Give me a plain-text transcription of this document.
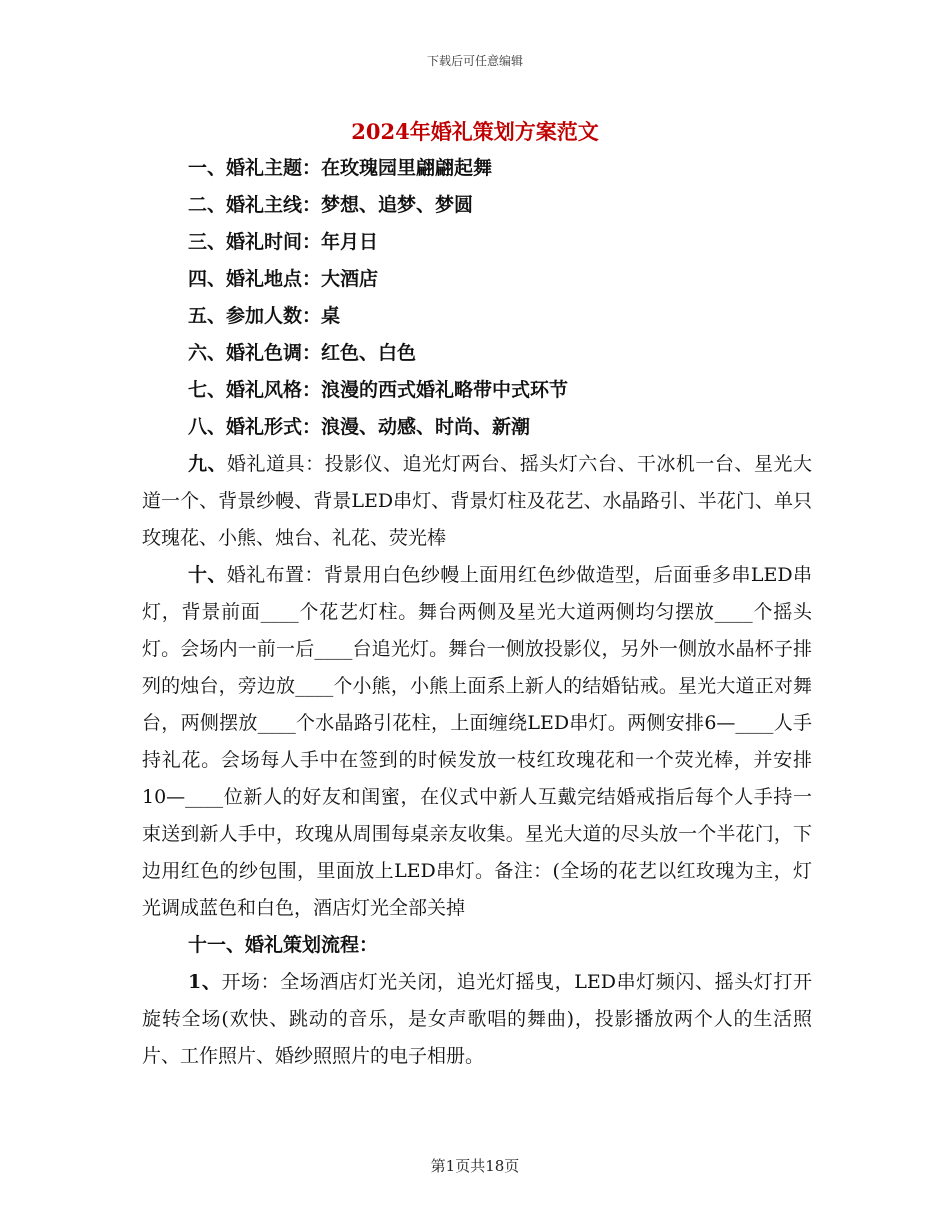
下载后可任意编辑
2024年婚礼策划方案范文
一、婚礼主题：在玫瑰园里翩翩起舞
二、婚礼主线：梦想、追梦、梦圆
三、婚礼时间：年月日
四、婚礼地点：大酒店
五、参加人数：桌
六、婚礼色调：红色、白色
七、婚礼风格：浪漫的西式婚礼略带中式环节
八、婚礼形式：浪漫、动感、时尚、新潮

九、婚礼道具：投影仪、追光灯两台、摇头灯六台、干冰机一台、星光大道一个、背景纱幔、背景LED串灯、背景灯柱及花艺、水晶路引、半花门、单只玫瑰花、小熊、烛台、礼花、荧光棒

十、婚礼布置：背景用白色纱幔上面用红色纱做造型，后面垂多串LED串灯，背景前面____个花艺灯柱。舞台两侧及星光大道两侧均匀摆放____个摇头灯。会场内一前一后____台追光灯。舞台一侧放投影仪，另外一侧放水晶杯子排列的烛台，旁边放____个小熊，小熊上面系上新人的结婚钻戒。星光大道正对舞台，两侧摆放____个水晶路引花柱，上面缠绕LED串灯。两侧安排6—____人手持礼花。会场每人手中在签到的时候发放一枝红玫瑰花和一个荧光棒，并安排10—____位新人的好友和闺蜜，在仪式中新人互戴完结婚戒指后每个人手持一束送到新人手中，玫瑰从周围每桌亲友收集。星光大道的尽头放一个半花门，下边用红色的纱包围，里面放上LED串灯。备注：(全场的花艺以红玫瑰为主，灯光调成蓝色和白色，酒店灯光全部关掉

十一、婚礼策划流程：

1、开场：全场酒店灯光关闭，追光灯摇曳，LED串灯频闪、摇头灯打开旋转全场(欢快、跳动的音乐，是女声歌唱的舞曲)，投影播放两个人的生活照片、工作照片、婚纱照照片的电子相册。

第1页共18页
